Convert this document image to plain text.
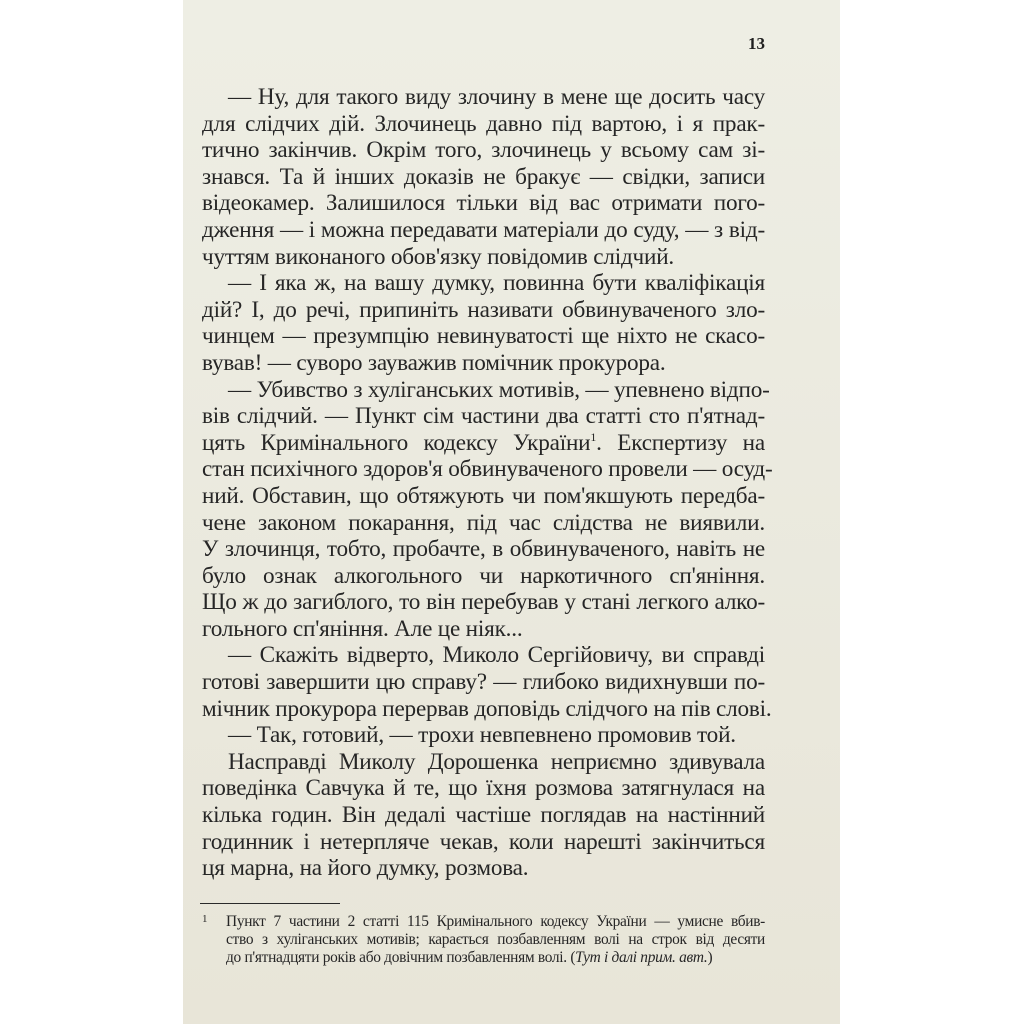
13
— Ну, для такого виду злочину в мене ще досить часу
для слідчих дій. Злочинець давно під вартою, і я прак-
тично закінчив. Окрім того, злочинець у всьому сам зі-
знався. Та й інших доказів не бракує — свідки, записи
відеокамер. Залишилося тільки від вас отримати пого-
дження — і можна передавати матеріали до суду, — з від-
чуттям виконаного обов'язку повідомив слідчий.
— І яка ж, на вашу думку, повинна бути кваліфікація
дій? І, до речі, припиніть називати обвинуваченого зло-
чинцем — презумпцію невинуватості ще ніхто не скасо-
вував! — суворо зауважив помічник прокурора.
— Убивство з хуліганських мотивів, — упевнено відпо-
вів слідчий. — Пункт сім частини два статті сто п'ятнад-
цять Кримінального кодексу України$^1$. Експертизу на
стан психічного здоров'я обвинуваченого провели — осуд-
ний. Обставин, що обтяжують чи пом'якшують передба-
чене законом покарання, під час слідства не виявили.
У злочинця, тобто, пробачте, в обвинуваченого, навіть не
було ознак алкогольного чи наркотичного сп'яніння.
Що ж до загиблого, то він перебував у стані легкого алко-
гольного сп'яніння. Але це ніяк...
— Скажіть відверто, Миколо Сергійовичу, ви справді
готові завершити цю справу? — глибоко видихнувши по-
мічник прокурора перервав доповідь слідчого на пів слові.
— Так, готовий, — трохи невпевнено промовив той.
Насправді Миколу Дорошенка неприємно здивувала
поведінка Савчука й те, що їхня розмова затягнулася на
кілька годин. Він дедалі частіше поглядав на настінний
годинник і нетерпляче чекав, коли нарешті закінчиться
ця марна, на його думку, розмова.
1 Пункт 7 частини 2 статті 115 Кримінального кодексу України — умисне вбив-
ство з хуліганських мотивів; карається позбавленням волі на строк від десяти
до п'ятнадцяти років або довічним позбавленням волі. (Тут і далі прим. авт.)
